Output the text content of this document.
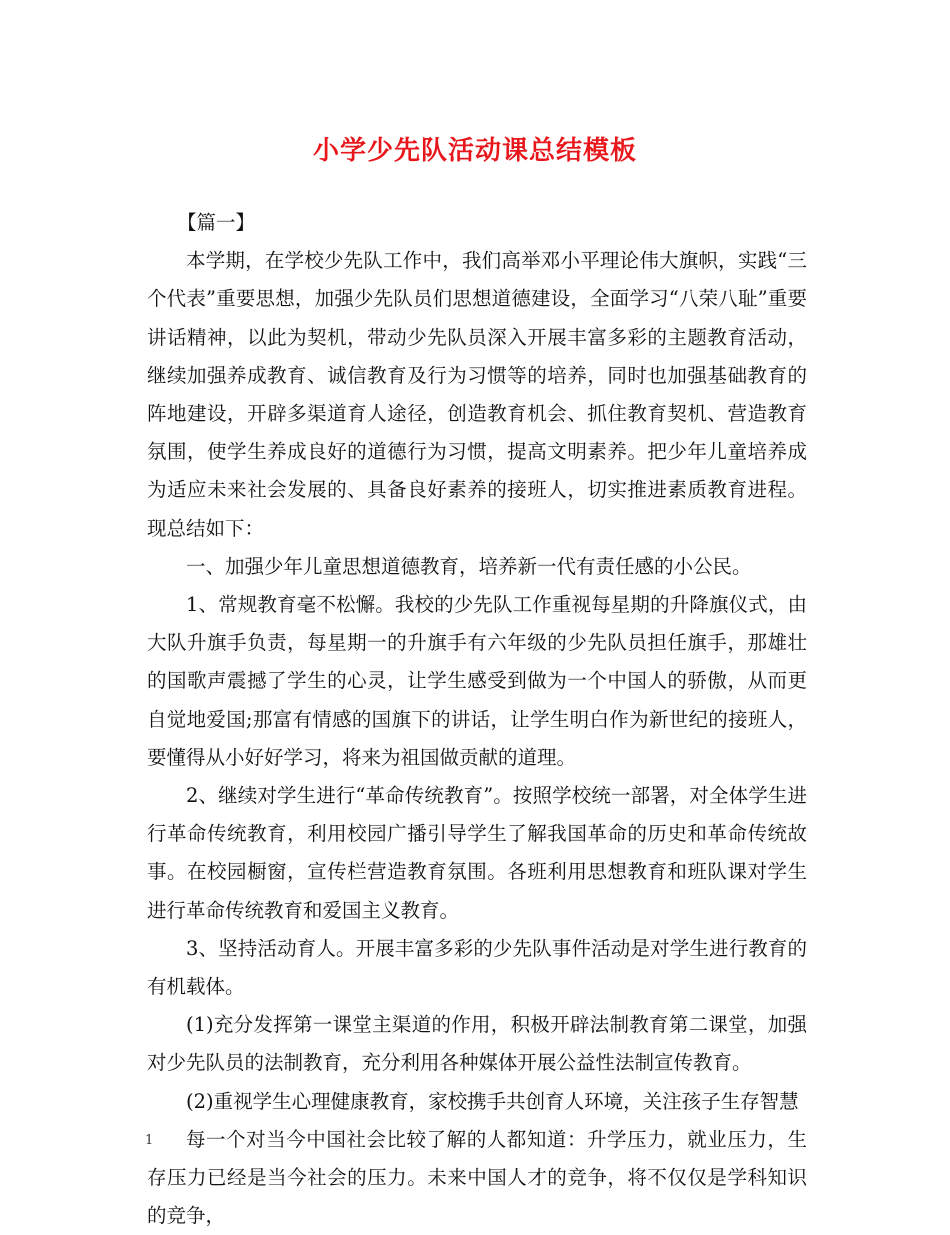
小学少先队活动课总结模板

【篇一】

本学期，在学校少先队工作中，我们高举邓小平理论伟大旗帜，实践“三个代表”重要思想，加强少先队员们思想道德建设，全面学习“八荣八耻”重要讲话精神，以此为契机，带动少先队员深入开展丰富多彩的主题教育活动，继续加强养成教育、诚信教育及行为习惯等的培养，同时也加强基础教育的阵地建设，开辟多渠道育人途径，创造教育机会、抓住教育契机、营造教育氛围，使学生养成良好的道德行为习惯，提高文明素养。把少年儿童培养成为适应未来社会发展的、具备良好素养的接班人，切实推进素质教育进程。现总结如下：

一、加强少年儿童思想道德教育，培养新一代有责任感的小公民。

1、常规教育毫不松懈。我校的少先队工作重视每星期的升降旗仪式，由大队升旗手负责，每星期一的升旗手有六年级的少先队员担任旗手，那雄壮的国歌声震撼了学生的心灵，让学生感受到做为一个中国人的骄傲，从而更自觉地爱国;那富有情感的国旗下的讲话，让学生明白作为新世纪的接班人，要懂得从小好好学习，将来为祖国做贡献的道理。

2、继续对学生进行“革命传统教育”。按照学校统一部署，对全体学生进行革命传统教育，利用校园广播引导学生了解我国革命的历史和革命传统故事。在校园橱窗，宣传栏营造教育氛围。各班利用思想教育和班队课对学生进行革命传统教育和爱国主义教育。

3、坚持活动育人。开展丰富多彩的少先队事件活动是对学生进行教育的有机载体。

(1)充分发挥第一课堂主渠道的作用，积极开辟法制教育第二课堂，加强对少先队员的法制教育，充分利用各种媒体开展公益性法制宣传教育。

(2)重视学生心理健康教育，家校携手共创育人环境，关注孩子生存智慧

每一个对当今中国社会比较了解的人都知道：升学压力，就业压力，生存压力已经是当今社会的压力。未来中国人才的竞争，将不仅仅是学科知识的竞争，

1
